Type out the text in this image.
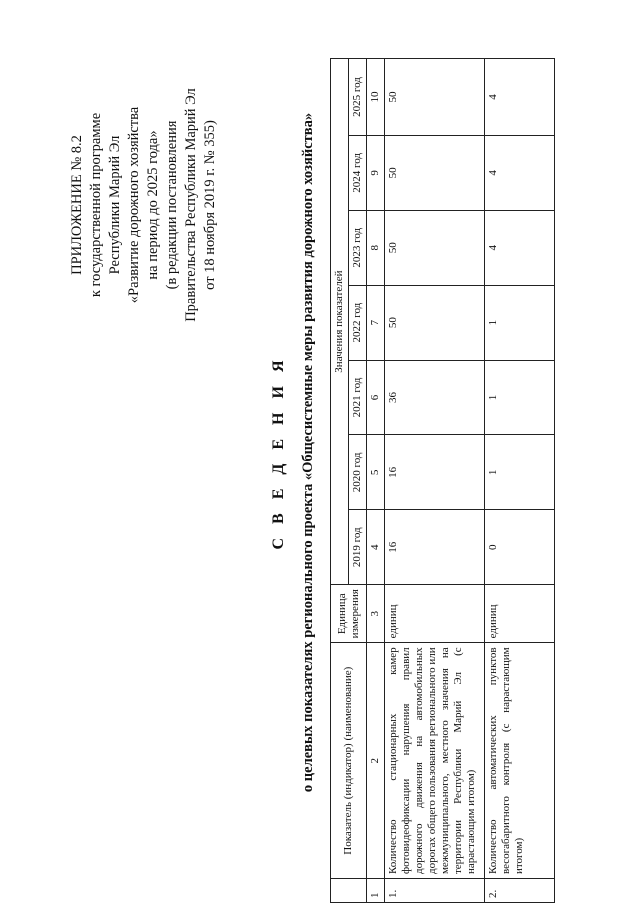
ПРИЛОЖЕНИЕ № 8.2 к государственной программе Республики Марий Эл «Развитие дорожного хозяйства на период до 2025 года» (в редакции постановления Правительства Республики Марий Эл от 18 ноября 2019 г. № 355)
С В Е Д Е Н И Я о целевых показателях регионального проекта «Общесистемные меры развития дорожного хозяйства»
	Показатель (индикатор) (наименование)	Единица измерения	Значения показателей						
			2019 год	2020 год	2021 год	2022 год	2023 год	2024 год	2025 год
1	2	3	4	5	6	7	8	9	10
1.	Количество стационарных камер фотовидеофиксации нарушения правил дорожного движения на автомобильных дорогах общего пользования регионального или межмуниципального, местного значения на территории Республики Марий Эл (с нарастающим итогом)	единиц	16	16	36	50	50	50	50
2.	Количество автоматических пунктов весогабаритного контроля (с нарастающим итогом)	единиц	0	1	1	1	4	4	4
